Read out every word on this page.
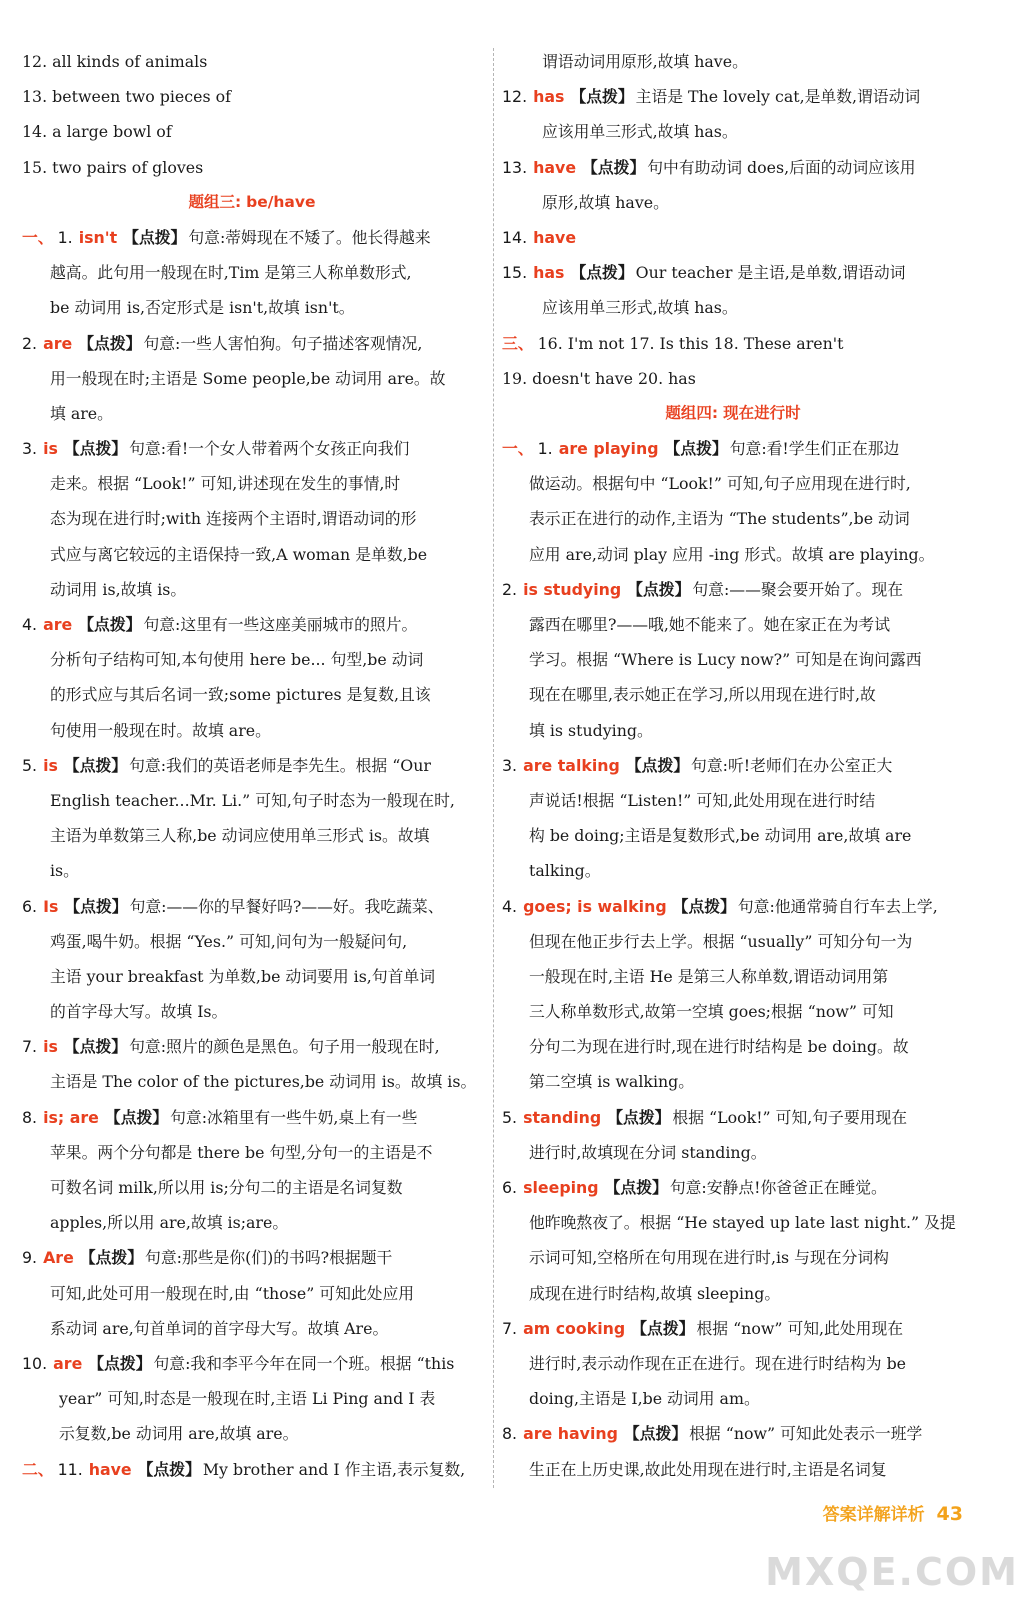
12. all kinds of animals
13. between two pieces of
14. a large bowl of
15. two pairs of gloves
题组三: be/have
一、 1. isn't 【点拨】 句意:蒂姆现在不矮了。他长得越来
越高。此句用一般现在时,Tim 是第三人称单数形式,
be 动词用 is,否定形式是 isn't,故填 isn't。
2. are 【点拨】 句意:一些人害怕狗。句子描述客观情况,
用一般现在时;主语是 Some people,be 动词用 are。故
填 are。
3. is 【点拨】 句意:看!一个女人带着两个女孩正向我们
走来。根据 “Look!” 可知,讲述现在发生的事情,时
态为现在进行时;with 连接两个主语时,谓语动词的形
式应与离它较远的主语保持一致,A woman 是单数,be
动词用 is,故填 is。
4. are 【点拨】 句意:这里有一些这座美丽城市的照片。
分析句子结构可知,本句使用 here be... 句型,be 动词
的形式应与其后名词一致;some pictures 是复数,且该
句使用一般现在时。故填 are。
5. is 【点拨】 句意:我们的英语老师是李先生。根据 “Our
English teacher...Mr. Li.” 可知,句子时态为一般现在时,
主语为单数第三人称,be 动词应使用单三形式 is。故填
is。
6. Is 【点拨】 句意:——你的早餐好吗?——好。我吃蔬菜、
鸡蛋,喝牛奶。根据 “Yes.” 可知,问句为一般疑问句,
主语 your breakfast 为单数,be 动词要用 is,句首单词
的首字母大写。故填 Is。
7. is 【点拨】 句意:照片的颜色是黑色。句子用一般现在时,
主语是 The color of the pictures,be 动词用 is。故填 is。
8. is; are 【点拨】 句意:冰箱里有一些牛奶,桌上有一些
苹果。两个分句都是 there be 句型,分句一的主语是不
可数名词 milk,所以用 is;分句二的主语是名词复数
apples,所以用 are,故填 is;are。
9. Are 【点拨】 句意:那些是你(们)的书吗?根据题干
可知,此处可用一般现在时,由 “those” 可知此处应用
系动词 are,句首单词的首字母大写。故填 Are。
10. are 【点拨】 句意:我和李平今年在同一个班。根据 “this
year” 可知,时态是一般现在时,主语 Li Ping and I 表
示复数,be 动词用 are,故填 are。
二、 11. have 【点拨】 My brother and I 作主语,表示复数,
谓语动词用原形,故填 have。
12. has 【点拨】 主语是 The lovely cat,是单数,谓语动词
应该用单三形式,故填 has。
13. have 【点拨】 句中有助动词 does,后面的动词应该用
原形,故填 have。
14. have
15. has 【点拨】 Our teacher 是主语,是单数,谓语动词
应该用单三形式,故填 has。
三、 16. I'm not 17. Is this 18. These aren't
19. doesn't have 20. has
题组四: 现在进行时
一、 1. are playing 【点拨】 句意:看!学生们正在那边
做运动。根据句中 “Look!” 可知,句子应用现在进行时,
表示正在进行的动作,主语为 “The students”,be 动词
应用 are,动词 play 应用 -ing 形式。故填 are playing。
2. is studying 【点拨】 句意:——聚会要开始了。现在
露西在哪里?——哦,她不能来了。她在家正在为考试
学习。根据 “Where is Lucy now?” 可知是在询问露西
现在在哪里,表示她正在学习,所以用现在进行时,故
填 is studying。
3. are talking 【点拨】 句意:听!老师们在办公室正大
声说话!根据 “Listen!” 可知,此处用现在进行时结
构 be doing;主语是复数形式,be 动词用 are,故填 are
talking。
4. goes; is walking 【点拨】 句意:他通常骑自行车去上学,
但现在他正步行去上学。根据 “usually” 可知分句一为
一般现在时,主语 He 是第三人称单数,谓语动词用第
三人称单数形式,故第一空填 goes;根据 “now” 可知
分句二为现在进行时,现在进行时结构是 be doing。故
第二空填 is walking。
5. standing 【点拨】 根据 “Look!” 可知,句子要用现在
进行时,故填现在分词 standing。
6. sleeping 【点拨】 句意:安静点!你爸爸正在睡觉。
他昨晚熬夜了。根据 “He stayed up late last night.” 及提
示词可知,空格所在句用现在进行时,is 与现在分词构
成现在进行时结构,故填 sleeping。
7. am cooking 【点拨】 根据 “now” 可知,此处用现在
进行时,表示动作现在正在进行。现在进行时结构为 be
doing,主语是 I,be 动词用 am。
8. are having 【点拨】 根据 “now” 可知此处表示一班学
生正在上历史课,故此处用现在进行时,主语是名词复
答案详解详析 43
MXQE.COM
